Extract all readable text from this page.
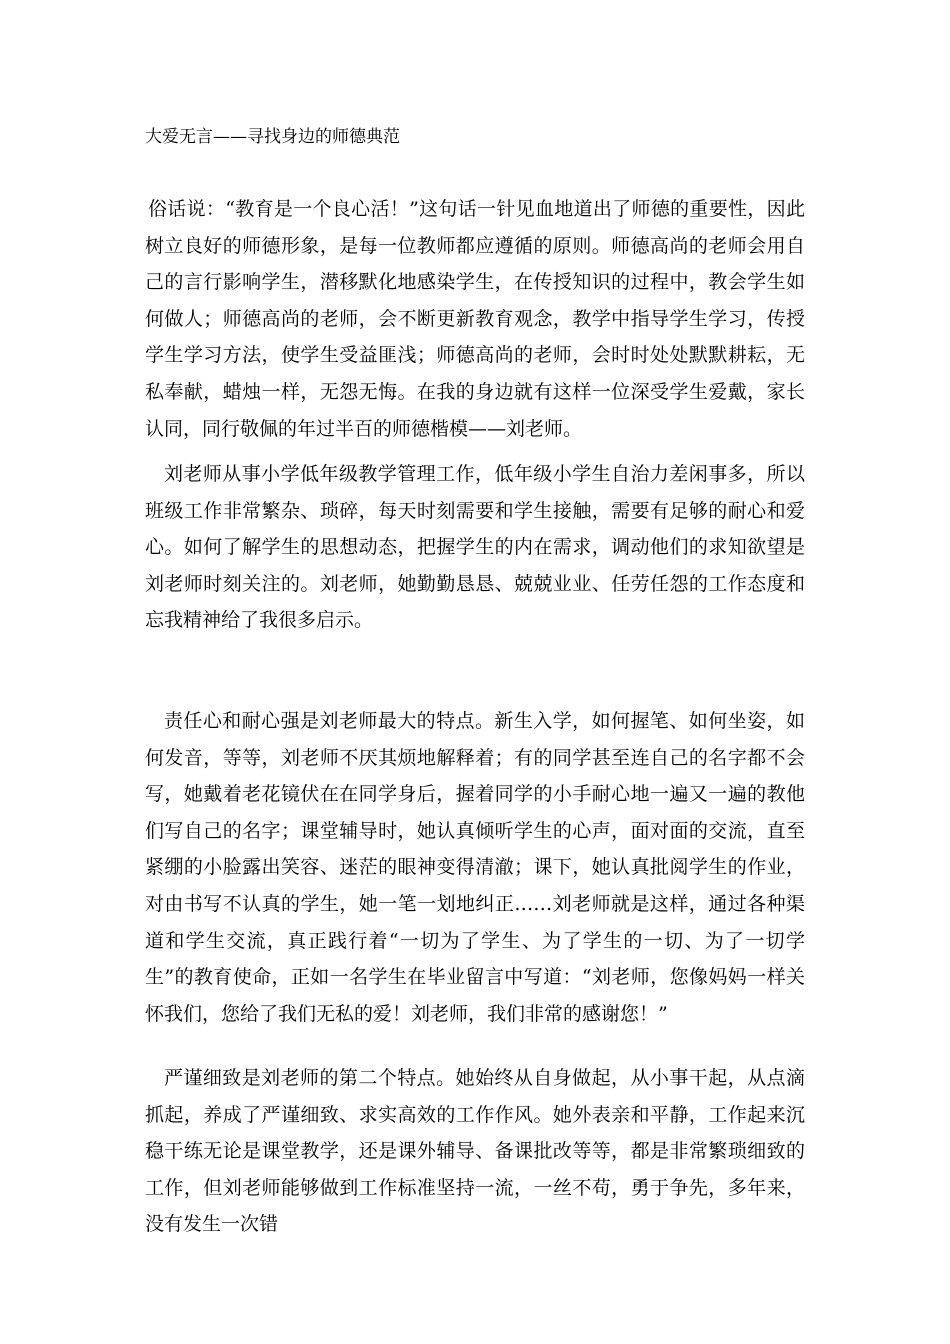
大爱无言——寻找身边的师德典范

俗话说：“教育是一个良心活！”这句话一针见血地道出了师德的重要性，因此树立良好的师德形象，是每一位教师都应遵循的原则。师德高尚的老师会用自己的言行影响学生，潜移默化地感染学生，在传授知识的过程中，教会学生如何做人；师德高尚的老师，会不断更新教育观念，教学中指导学生学习，传授学生学习方法，使学生受益匪浅；师德高尚的老师，会时时处处默默耕耘，无私奉献，蜡烛一样，无怨无悔。在我的身边就有这样一位深受学生爱戴，家长认同，同行敬佩的年过半百的师德楷模——刘老师。

刘老师从事小学低年级教学管理工作，低年级小学生自治力差闲事多，所以班级工作非常繁杂、琐碎，每天时刻需要和学生接触，需要有足够的耐心和爱心。如何了解学生的思想动态，把握学生的内在需求，调动他们的求知欲望是刘老师时刻关注的。刘老师，她勤勤恳恳、兢兢业业、任劳任怨的工作态度和忘我精神给了我很多启示。

责任心和耐心强是刘老师最大的特点。新生入学，如何握笔、如何坐姿，如何发音，等等，刘老师不厌其烦地解释着；有的同学甚至连自己的名字都不会写，她戴着老花镜伏在在同学身后，握着同学的小手耐心地一遍又一遍的教他们写自己的名字；课堂辅导时，她认真倾听学生的心声，面对面的交流，直至紧绷的小脸露出笑容、迷茫的眼神变得清澈；课下，她认真批阅学生的作业，对由书写不认真的学生，她一笔一划地纠正……刘老师就是这样，通过各种渠道和学生交流，真正践行着“一切为了学生、为了学生的一切、为了一切学生”的教育使命，正如一名学生在毕业留言中写道：“刘老师，您像妈妈一样关怀我们，您给了我们无私的爱！刘老师，我们非常的感谢您！”

严谨细致是刘老师的第二个特点。她始终从自身做起，从小事干起，从点滴抓起，养成了严谨细致、求实高效的工作作风。她外表亲和平静，工作起来沉稳干练无论是课堂教学，还是课外辅导、备课批改等等，都是非常繁琐细致的工作，但刘老师能够做到工作标准坚持一流，一丝不苟，勇于争先，多年来，没有发生一次错
